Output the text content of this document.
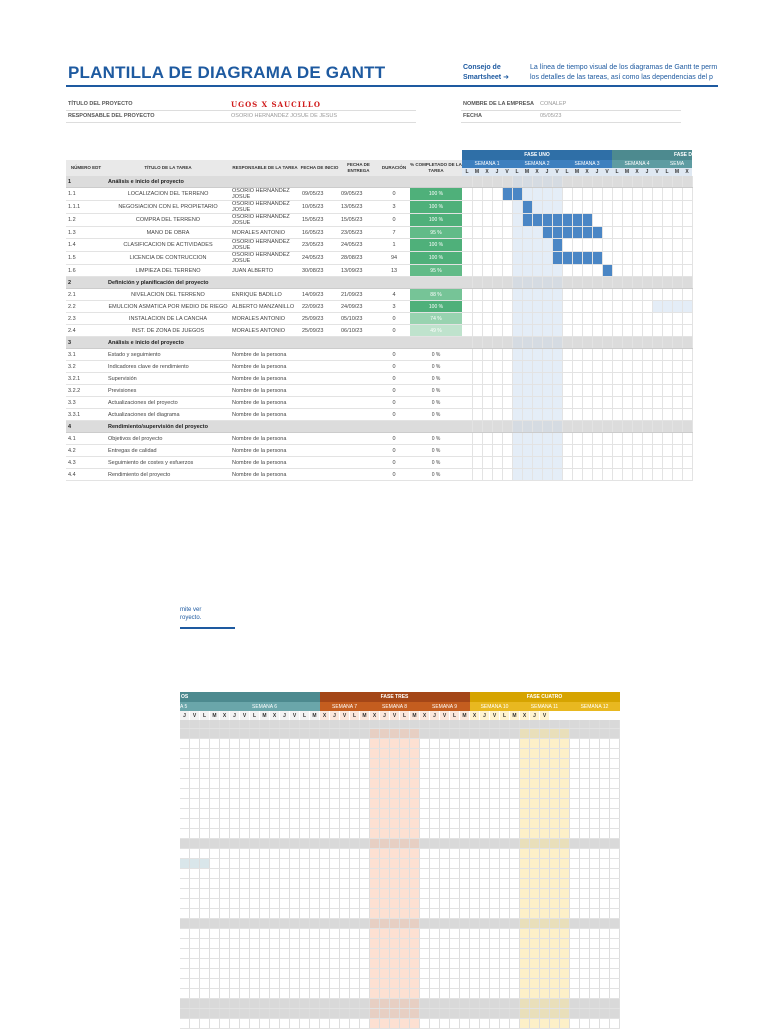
PLANTILLA DE DIAGRAMA DE GANTT	Consejo de Smartsheet ➜
La línea de tiempo visual de los diagramas de Gantt te perm
los detalles de las tareas, así como las dependencias del p
TÍTULO DEL PROYECTO	UGOS X SAUCILLO
RESPONSABLE DEL PROYECTO	OSORIO HERNANDEZ JOSUE DE JESUS
NOMBRE DE LA EMPRESA CONALEP
FECHA	05/05/23
							FASE UNO															FASE D							
NÚMERO EDT	TÍTULO DE LA TAREA	RESPONSABLE DE LA TAREA	FECHA DE INICIO	FECHA DE ENTREGA	DURACIÓN	% COMPLETADO DE LA TAREA	SEMANA 1					SEMANA 2					SEMANA 3					SEMANA 4					SEMA		
							L	M	X	J	V	L	M	X	J	V	L	M	X	J	V	L	M	X	J	V	L	M	X
1	Análisis e inicio del proyecto																												
1.1	LOCALIZACION DEL TERRENO	OSORIO HERNANDEZ JOSUE	09/05/23	09/05/23	0	100 %																							
1.1.1	NEGOSIACION CON EL PROPIETARIO	OSORIO HERNANDEZ JOSUE	10/05/23	13/05/23	3	100 %																							
1.2	COMPRA DEL TERRENO	OSORIO HERNANDEZ JOSUE	15/05/23	15/05/23	0	100 %																							
1.3	MANO DE OBRA	MORALES ANTONIO	16/05/23	23/05/23	7	95 %																							
1.4	CLASIFICACION DE ACTIVIDADES	OSORIO HERNANDEZ JOSUE	23/05/23	24/05/23	1	100 %																							
1.5	LICENCIA DE CONTRUCCION	OSORIO HERNANDEZ JOSUE	24/05/23	28/08/23	94	100 %																							
1.6	LIMPIEZA DEL TERRENO	JUAN ALBERTO	30/08/23	13/09/23	13	95 %																							
2	Definición y planificación del proyecto																												
2.1	NIVELACION DEL TERRENO	ENRIQUE BADILLO	14/09/23	21/09/23	4	88 %																							
2.2	EMULCION ASMATICA POR MEDIO DE RIEGO	ALBERTO MANZANILLO	22/09/23	24/09/23	3	100 %																							
2.3	INSTALACION DE LA CANCHA	MORALES ANTONIO	25/09/23	05/10/23	0	74 %																							
2.4	INST. DE ZONA DE JUEGOS	MORALES ANTONIO	25/09/23	06/10/23	0	49 %																							
3	Análisis e inicio del proyecto																												
3.1	Estado y seguimiento	Nombre de la persona			0	0 %																							
3.2	Indicadores clave de rendimiento	Nombre de la persona			0	0 %																							
3.2.1	Supervisión	Nombre de la persona			0	0 %																							
3.2.2	Previsiones	Nombre de la persona			0	0 %																							
3.3	Actualizaciones del proyecto	Nombre de la persona			0	0 %																							
3.3.1	Actualizaciones del diagrama	Nombre de la persona			0	0 %																							
4	Rendimiento/supervisión del proyecto																												
4.1	Objetivos del proyecto	Nombre de la persona			0	0 %																							
4.2	Entregas de calidad	Nombre de la persona			0	0 %																							
4.3	Seguimiento de costes y esfuerzos	Nombre de la persona			0	0 %																							
4.4	Rendimiento del proyecto	Nombre de la persona			0	0 %																							
mite ver
royecto.
OS														FASE TRES															FASE CUATRO														
A 5			SEMANA 6											SEMANA 7					SEMANA 8					SEMANA 9					SEMANA 10					SEMANA 11					SEMANA 12				
J	V	L	M	X	J	V	L	M	X	J	V	L	M	X	J	V	L	M	X	J	V	L	M	X	J	V	L	M	X	J	V	L	M	X	J	V							
